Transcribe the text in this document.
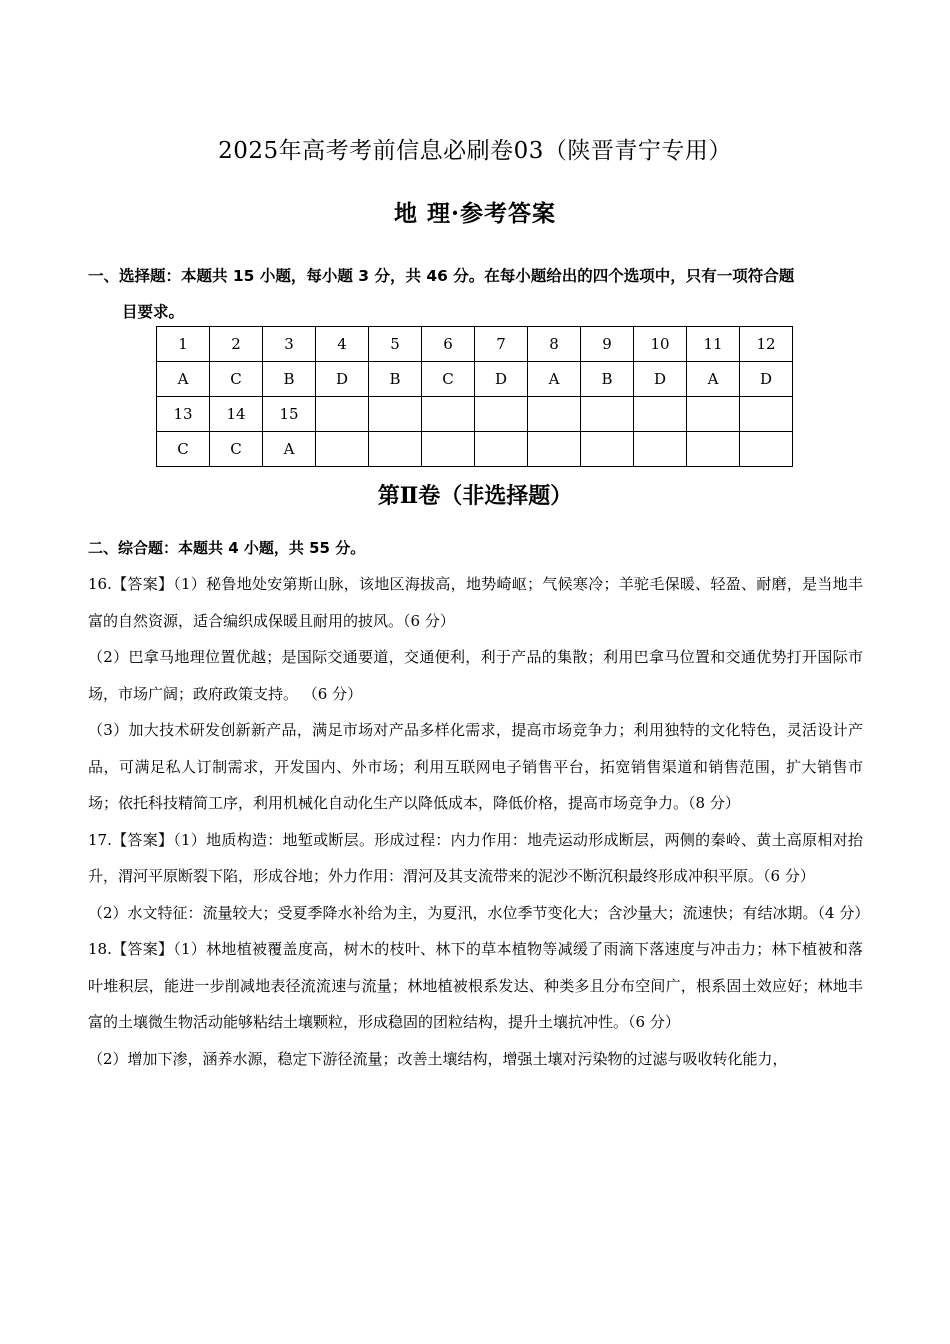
2025年高考考前信息必刷卷03（陕晋青宁专用）
地 理·参考答案
一、选择题：本题共 15 小题，每小题 3 分，共 46 分。在每小题给出的四个选项中，只有一项符合题
目要求。
1	2	3	4	5	6	7	8	9	10	11	12
A	C	B	D	B	C	D	A	B	D	A	D
13	14	15									
C	C	A									
第Ⅱ卷（非选择题）
二、综合题：本题共 4 小题，共 55 分。

16.【答案】（1）秘鲁地处安第斯山脉，该地区海拔高，地势崎岖；气候寒冷；羊驼毛保暖、轻盈、耐磨，是当地丰富的自然资源，适合编织成保暖且耐用的披风。（6 分）

（2）巴拿马地理位置优越；是国际交通要道，交通便利，利于产品的集散；利用巴拿马位置和交通优势打开国际市场，市场广阔；政府政策支持。 （6 分）

（3）加大技术研发创新新产品，满足市场对产品多样化需求，提高市场竞争力；利用独特的文化特色，灵活设计产品，可满足私人订制需求，开发国内、外市场；利用互联网电子销售平台，拓宽销售渠道和销售范围，扩大销售市场；依托科技精简工序，利用机械化自动化生产以降低成本，降低价格，提高市场竞争力。（8 分）

17.【答案】（1）地质构造：地堑或断层。形成过程：内力作用：地壳运动形成断层，两侧的秦岭、黄土高原相对抬升，渭河平原断裂下陷，形成谷地；外力作用：渭河及其支流带来的泥沙不断沉积最终形成冲积平原。（6 分）

（2）水文特征：流量较大；受夏季降水补给为主，为夏汛，水位季节变化大；含沙量大；流速快；有结冰期。（4 分）

18.【答案】（1）林地植被覆盖度高，树木的枝叶、林下的草本植物等减缓了雨滴下落速度与冲击力；林下植被和落叶堆积层，能进一步削减地表径流流速与流量；林地植被根系发达、种类多且分布空间广，根系固土效应好；林地丰富的土壤微生物活动能够粘结土壤颗粒，形成稳固的团粒结构，提升土壤抗冲性。（6 分）

（2）增加下渗，涵养水源，稳定下游径流量；改善土壤结构，增强土壤对污染物的过滤与吸收转化能力，
